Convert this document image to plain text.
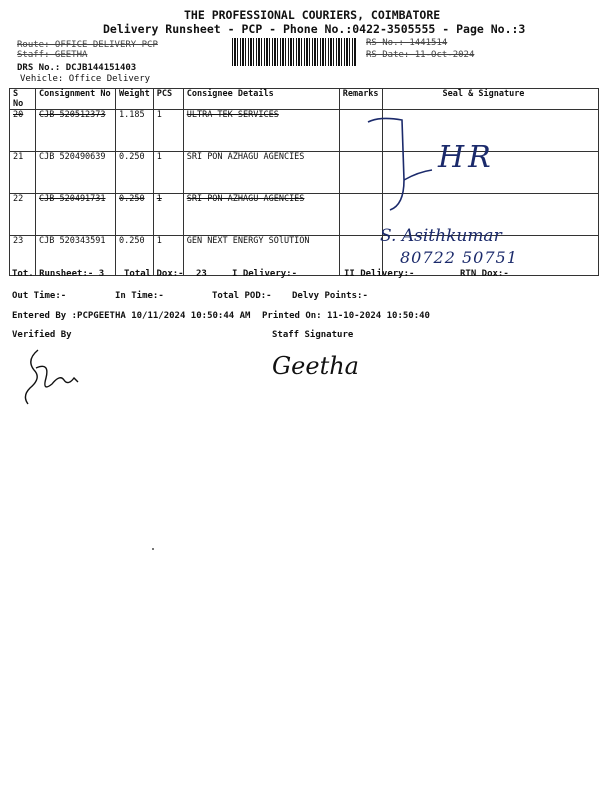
THE PROFESSIONAL COURIERS, COIMBATORE
Delivery Runsheet - PCP - Phone No.:0422-3505555 - Page No.:3
Route: OFFICE DELIVERY PCP
Staff: GEETHA
DRS No.: DCJB144151403
Vehicle: Office Delivery
RS No.: 1441514
RS Date: 11-Oct-2024
S No	Consignment No	Weight	PCS	Consignee Details	Remarks	Seal & Signature
20	CJB 520512373	1.185	1	ULTRA TEK SERVICES		
21	CJB 520490639	0.250	1	SRI PON AZHAGU AGENCIES		
22	CJB 520491731	0.250	1	SRI PON AZHAGU AGENCIES		
23	CJB 520343591	0.250	1	GEN NEXT ENERGY SOlUTION		
HR
S. Asithkumar
80722 50751
Tot. Runsheet:- 3 Total Dox:- 23	I Delivery:-	II Delivery:-	RTN Dox:-
Out Time:-	In Time:-	Total POD:- Delvy Points:-
Entered By :PCPGEETHA 10/11/2024 10:50:44 AM Printed On: 11-10-2024 10:50:40
Verified By	Staff Signature
Geetha
